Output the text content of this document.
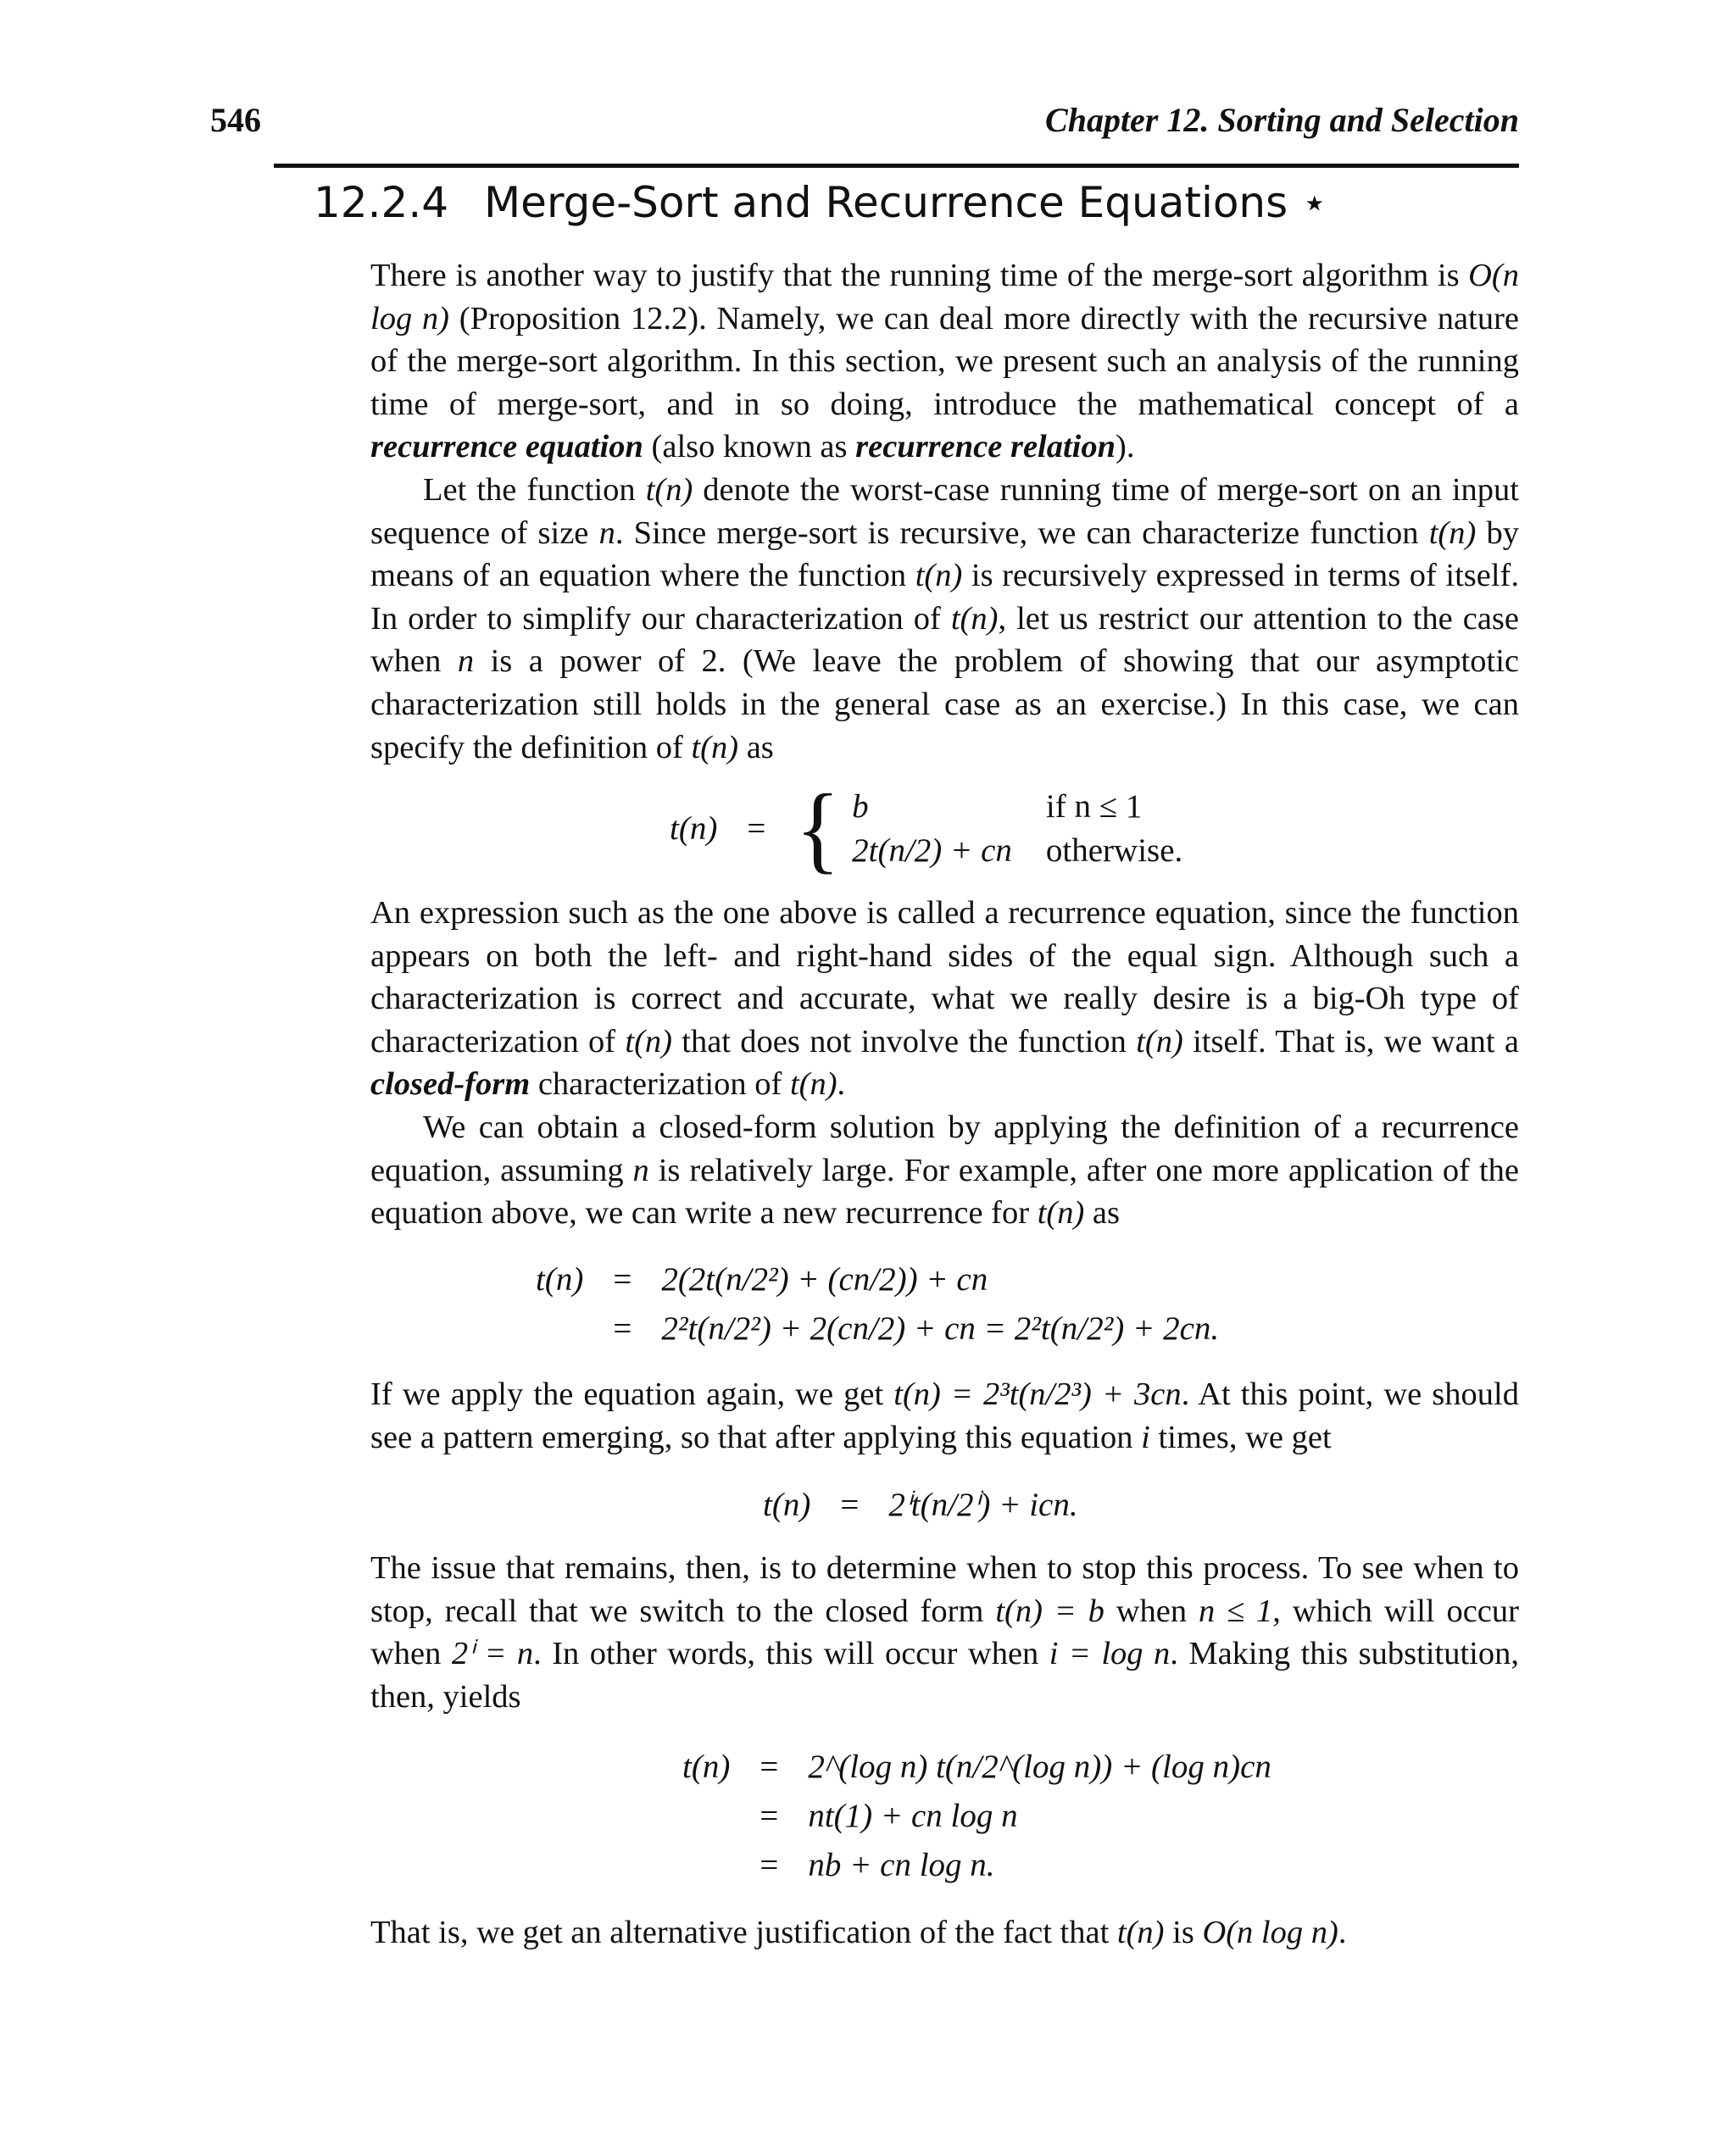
546	Chapter 12. Sorting and Selection
12.2.4 Merge-Sort and Recurrence Equations ⋆

There is another way to justify that the running time of the merge-sort algorithm is O(n log n) (Proposition 12.2). Namely, we can deal more directly with the recursive nature of the merge-sort algorithm. In this section, we present such an analysis of the running time of merge-sort, and in so doing, introduce the mathematical concept of a recurrence equation (also known as recurrence relation).

Let the function t(n) denote the worst-case running time of merge-sort on an input sequence of size n. Since merge-sort is recursive, we can characterize function t(n) by means of an equation where the function t(n) is recursively expressed in terms of itself. In order to simplify our characterization of t(n), let us restrict our attention to the case when n is a power of 2. (We leave the problem of showing that our asymptotic characterization still holds in the general case as an exercise.) In this case, we can specify the definition of t(n) as

t(n)	=	{	b	if n ≤ 1
2t(n/2) + cn	otherwise.

An expression such as the one above is called a recurrence equation, since the function appears on both the left- and right-hand sides of the equal sign. Although such a characterization is correct and accurate, what we really desire is a big-Oh type of characterization of t(n) that does not involve the function t(n) itself. That is, we want a closed-form characterization of t(n).

We can obtain a closed-form solution by applying the definition of a recurrence equation, assuming n is relatively large. For example, after one more application of the equation above, we can write a new recurrence for t(n) as

t(n)	=	2(2t(n/2²) + (cn/2)) + cn
	=	2²t(n/2²) + 2(cn/2) + cn = 2²t(n/2²) + 2cn.

If we apply the equation again, we get t(n) = 2³t(n/2³) + 3cn. At this point, we should see a pattern emerging, so that after applying this equation i times, we get

t(n)	=	2ⁱt(n/2ⁱ) + icn.

The issue that remains, then, is to determine when to stop this process. To see when to stop, recall that we switch to the closed form t(n) = b when n ≤ 1, which will occur when 2ⁱ = n. In other words, this will occur when i = log n. Making this substitution, then, yields

t(n)	=	2^(log n) t(n/2^(log n)) + (log n)cn
	=	nt(1) + cn log n
	=	nb + cn log n.

That is, we get an alternative justification of the fact that t(n) is O(n log n).
